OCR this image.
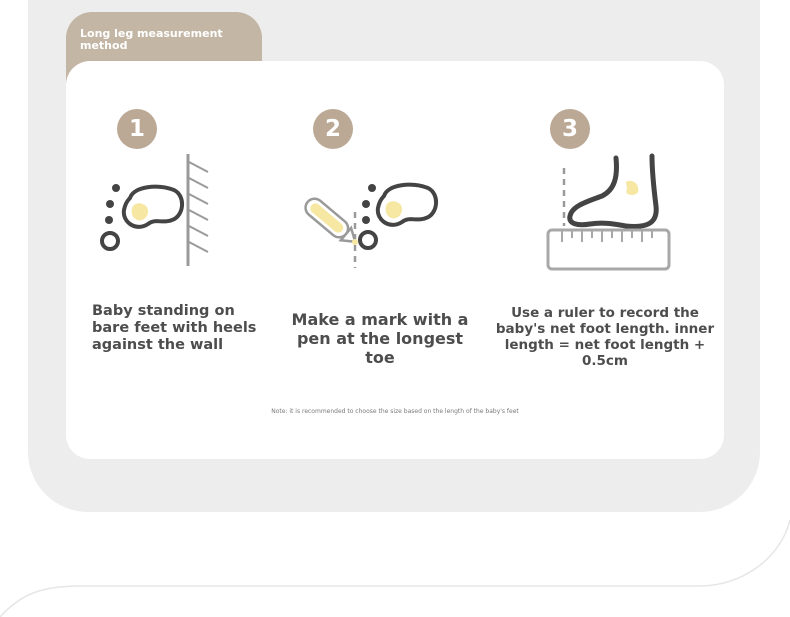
Long leg measurement method
1
Baby standing on bare feet with heels against the wall
2
Make a mark with a pen at the longest toe
3
Use a ruler to record the baby's net foot length. inner length = net foot length + 0.5cm
Note: it is recommended to choose the size based on the length of the baby's feet
